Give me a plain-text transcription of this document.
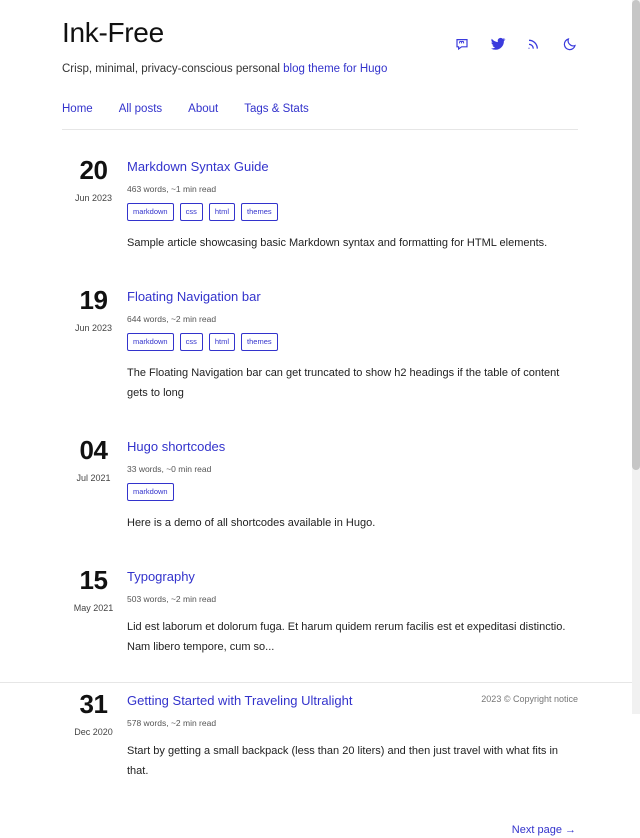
Ink-Free

Crisp, minimal, privacy-conscious personal blog theme for Hugo

Home All posts About Tags & Stats
20
Jun 2023
Markdown Syntax Guide
463 words, ~1 min read
markdown	css	html	themes

Sample article showcasing basic Markdown syntax and formatting for HTML elements.

19
Jun 2023
Floating Navigation bar
644 words, ~2 min read
markdown	css	html	themes

The Floating Navigation bar can get truncated to show h2 headings if the table of content gets to long

04
Jul 2021
Hugo shortcodes
33 words, ~0 min read
markdown

Here is a demo of all shortcodes available in Hugo.

15
May 2021
Typography
503 words, ~2 min read

Lid est laborum et dolorum fuga. Et harum quidem rerum facilis est et expeditasi distinctio. Nam libero tempore, cum so...

31
Dec 2020
Getting Started with Traveling Ultralight
578 words, ~2 min read

Start by getting a small backpack (less than 20 liters) and then just travel with what fits in that.

Next page →
2023 © Copyright notice
